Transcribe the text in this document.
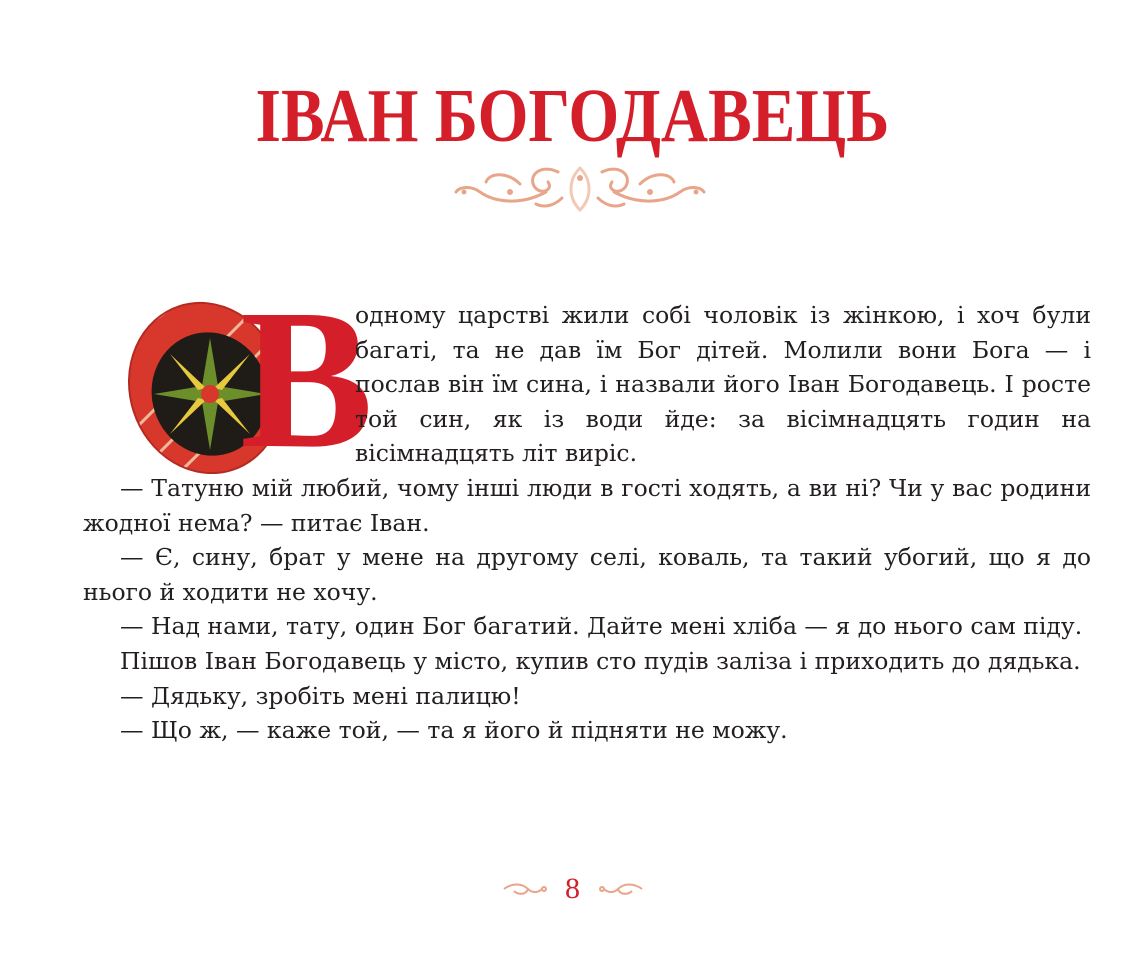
ІВАН БОГОДАВЕЦЬ
В

одному царстві жили собі чоловік із жінкою, і хоч були багаті, та не дав їм Бог дітей. Молили вони Бога — і послав він їм сина, і назвали його Іван Богодавець. І росте той син, як із води йде: за вісімнадцять годин на вісімнадцять літ виріс.

— Татуню мій любий, чому інші люди в гості ходять, а ви ні? Чи у вас родини жодної нема? — питає Іван.

— Є, сину, брат у мене на другому селі, коваль, та такий убогий, що я до нього й ходити не хочу.

— Над нами, тату, один Бог багатий. Дайте мені хліба — я до нього сам піду.

Пішов Іван Богодавець у місто, купив сто пудів заліза і приходить до дядька.

— Дядьку, зробіть мені палицю!

— Що ж, — каже той, — та я його й підняти не можу.

8
